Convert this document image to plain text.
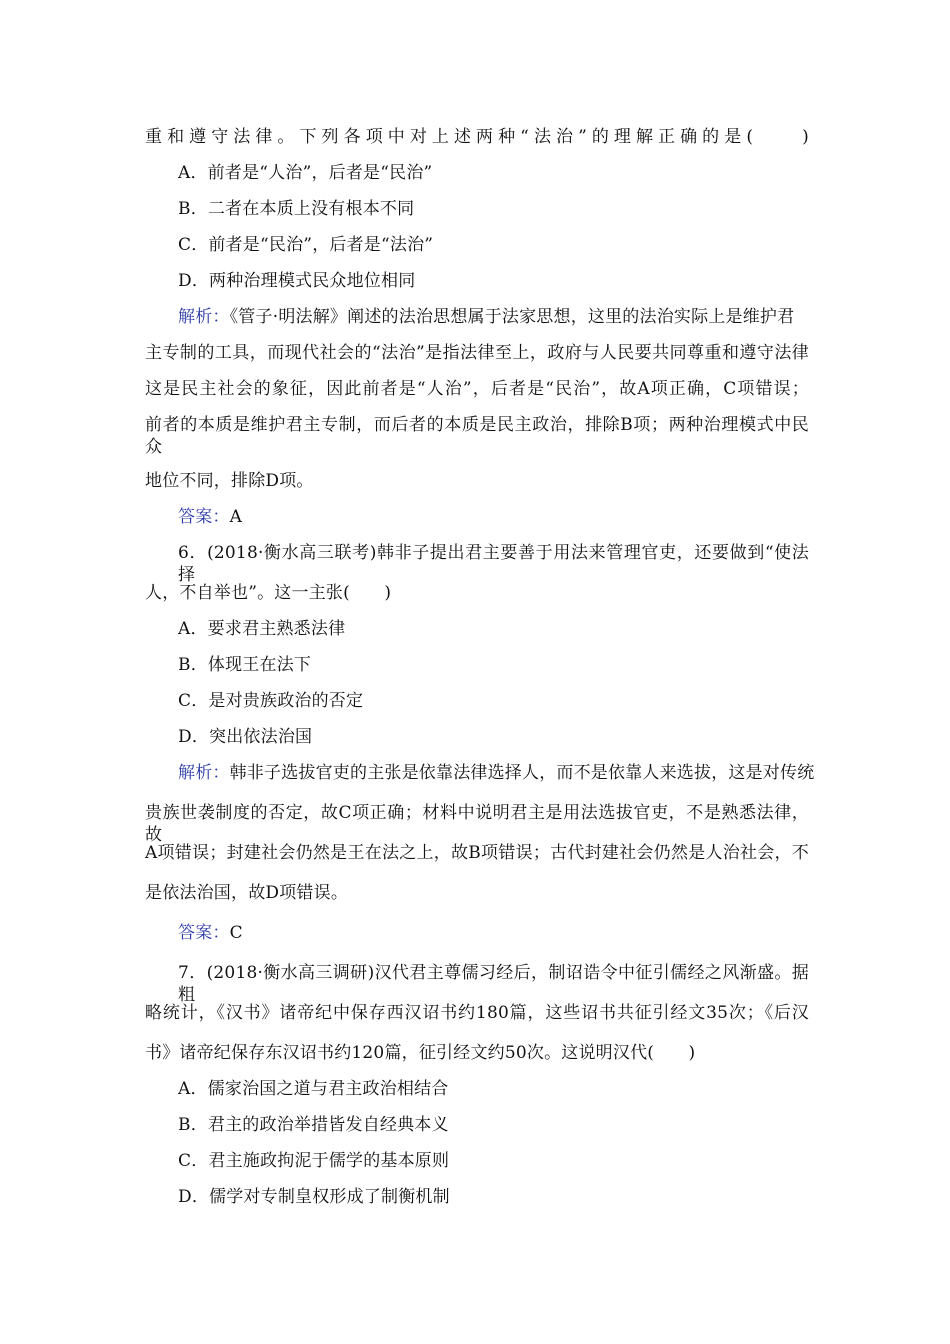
重和遵守法律。下列各项中对上述两种“法治”的理解正确的是(　　)
A．前者是“人治”，后者是“民治”
B．二者在本质上没有根本不同
C．前者是“民治”，后者是“法治”
D．两种治理模式民众地位相同
解析：《管子·明法解》阐述的法治思想属于法家思想，这里的法治实际上是维护君
主专制的工具，而现代社会的“法治”是指法律至上，政府与人民要共同尊重和遵守法律
这是民主社会的象征，因此前者是“人治”，后者是“民治”，故A项正确，C项错误；
前者的本质是维护君主专制，而后者的本质是民主政治，排除B项；两种治理模式中民众
地位不同，排除D项。
答案：A
6．(2018·衡水高三联考)韩非子提出君主要善于用法来管理官吏，还要做到“使法择
人，不自举也”。这一主张(　　)
A．要求君主熟悉法律
B．体现王在法下
C．是对贵族政治的否定
D．突出依法治国
解析：韩非子选拔官吏的主张是依靠法律选择人，而不是依靠人来选拔，这是对传统
贵族世袭制度的否定，故C项正确；材料中说明君主是用法选拔官吏，不是熟悉法律，故
A项错误；封建社会仍然是王在法之上，故B项错误；古代封建社会仍然是人治社会，不
是依法治国，故D项错误。
答案：C
7．(2018·衡水高三调研)汉代君主尊儒习经后，制诏诰令中征引儒经之风渐盛。据粗
略统计，《汉书》诸帝纪中保存西汉诏书约180篇，这些诏书共征引经文35次；《后汉
书》诸帝纪保存东汉诏书约120篇，征引经文约50次。这说明汉代(　　)
A．儒家治国之道与君主政治相结合
B．君主的政治举措皆发自经典本义
C．君主施政拘泥于儒学的基本原则
D．儒学对专制皇权形成了制衡机制
